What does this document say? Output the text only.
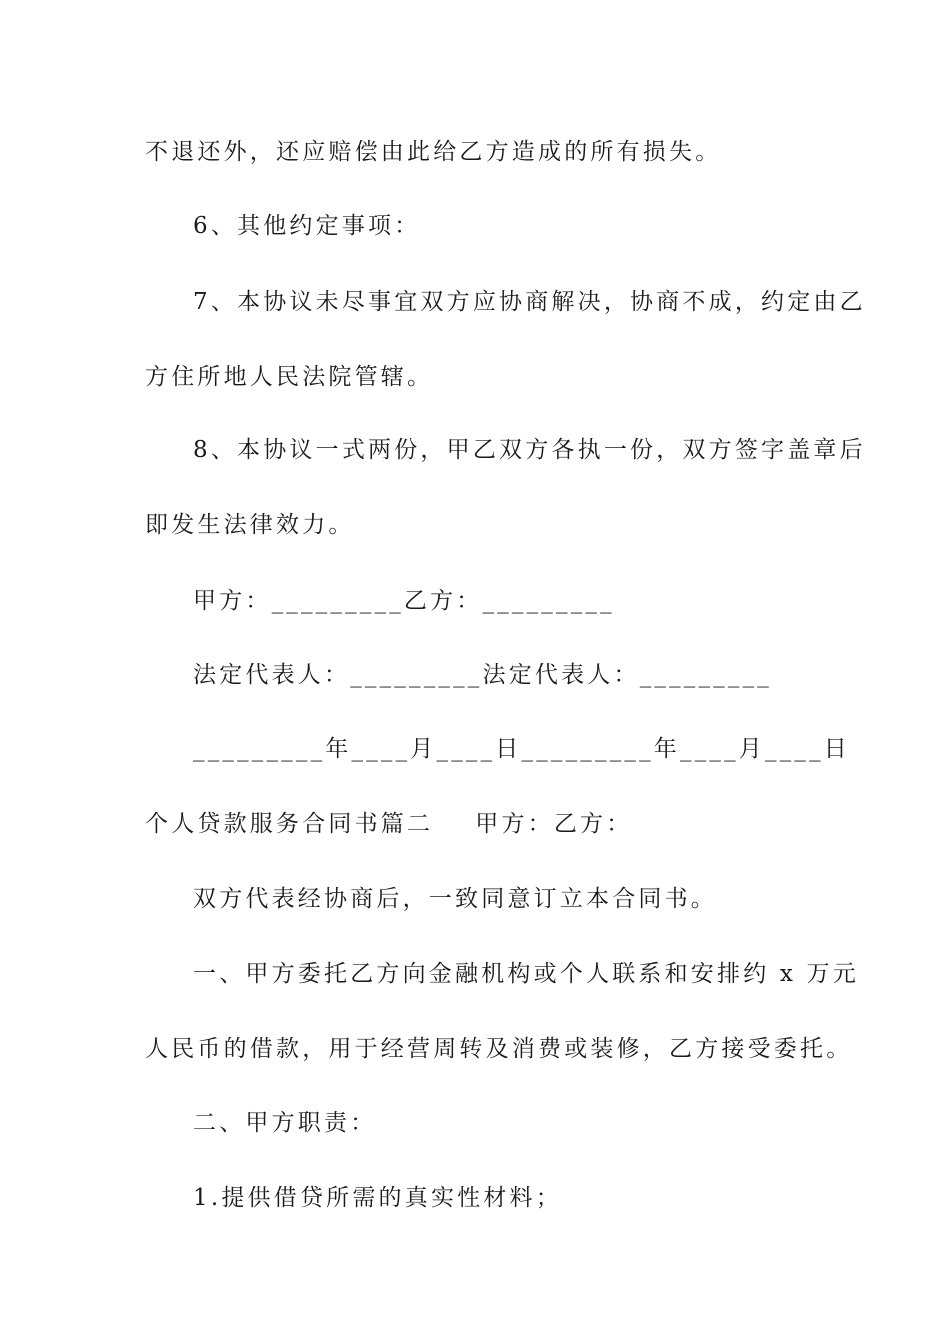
不退还外，还应赔偿由此给乙方造成的所有损失。
6、其他约定事项：
7、本协议未尽事宜双方应协商解决，协商不成，约定由乙
方住所地人民法院管辖。
8、本协议一式两份，甲乙双方各执一份，双方签字盖章后
即发生法律效力。
甲方：_________乙方：_________
法定代表人：_________法定代表人：_________
_________年____月____日_________年____月____日
个人贷款服务合同书篇二    甲方：乙方：
双方代表经协商后，一致同意订立本合同书。
一、甲方委托乙方向金融机构或个人联系和安排约 x 万元
人民币的借款，用于经营周转及消费或装修，乙方接受委托。
二、甲方职责：
1.提供借贷所需的真实性材料；
